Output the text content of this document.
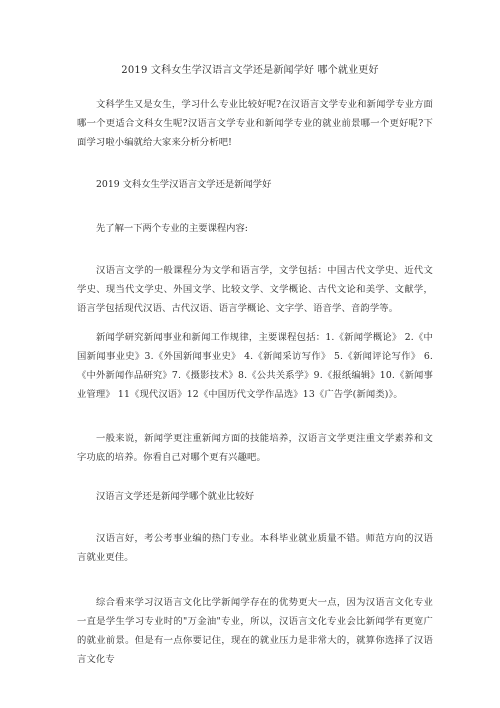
2019 文科女生学汉语言文学还是新闻学好 哪个就业更好
文科学生又是女生，学习什么专业比较好呢?在汉语言文学专业和新闻学专业方面哪一个更适合文科女生呢?汉语言文学专业和新闻学专业的就业前景哪一个更好呢?下面学习啦小编就给大家来分析分析吧!
2019 文科女生学汉语言文学还是新闻学好
先了解一下两个专业的主要课程内容:
汉语言文学的一般课程分为文学和语言学，文学包括：中国古代文学史、近代文学史、现当代文学史、外国文学、比较文学、文学概论、古代文论和美学、文献学，语言学包括现代汉语、古代汉语、语言学概论、文字学、语音学、音韵学等。
新闻学研究新闻事业和新闻工作规律，主要课程包括：1.《新闻学概论》 2.《中国新闻事业史》3.《外国新闻事业史》 4.《新闻采访写作》 5.《新闻评论写作》 6.《中外新闻作品研究》7.《摄影技术》8.《公共关系学》9.《报纸编辑》10.《新闻事业管理》 11《现代汉语》12《中国历代文学作品选》13《广告学(新闻类)》。
一般来说，新闻学更注重新闻方面的技能培养，汉语言文学更注重文学素养和文字功底的培养。你看自己对哪个更有兴趣吧。
汉语言文学还是新闻学哪个就业比较好
汉语言好，考公考事业编的热门专业。本科毕业就业质量不错。师范方向的汉语言就业更佳。
综合看来学习汉语言文化比学新闻学存在的优势更大一点，因为汉语言文化专业一直是学生学习专业时的"万金油"专业，所以，汉语言文化专业会比新闻学有更宽广的就业前景。但是有一点你要记住，现在的就业压力是非常大的，就算你选择了汉语言文化专
